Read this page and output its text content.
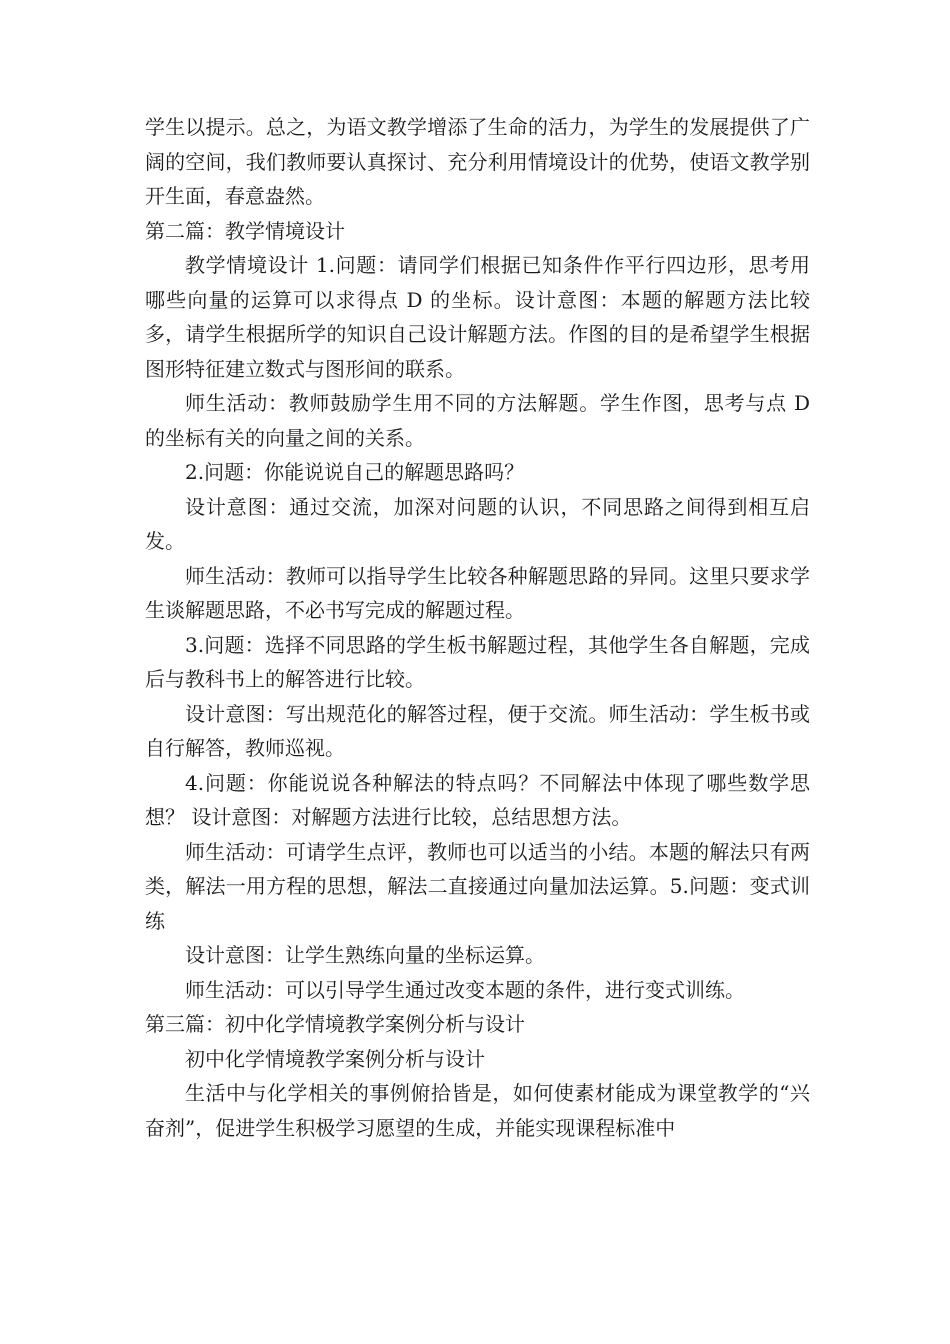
学生以提示。总之，为语文教学增添了生命的活力，为学生的发展提供了广阔的空间，我们教师要认真探讨、充分利用情境设计的优势，使语文教学别开生面，春意盎然。

第二篇：教学情境设计

教学情境设计 1.问题：请同学们根据已知条件作平行四边形，思考用哪些向量的运算可以求得点 D 的坐标。设计意图：本题的解题方法比较多，请学生根据所学的知识自己设计解题方法。作图的目的是希望学生根据图形特征建立数式与图形间的联系。

师生活动：教师鼓励学生用不同的方法解题。学生作图，思考与点 D 的坐标有关的向量之间的关系。

2.问题：你能说说自己的解题思路吗？

设计意图：通过交流，加深对问题的认识，不同思路之间得到相互启发。

师生活动：教师可以指导学生比较各种解题思路的异同。这里只要求学生谈解题思路，不必书写完成的解题过程。

3.问题：选择不同思路的学生板书解题过程，其他学生各自解题，完成后与教科书上的解答进行比较。

设计意图：写出规范化的解答过程，便于交流。师生活动：学生板书或自行解答，教师巡视。

4.问题：你能说说各种解法的特点吗？不同解法中体现了哪些数学思想？ 设计意图：对解题方法进行比较，总结思想方法。

师生活动：可请学生点评，教师也可以适当的小结。本题的解法只有两类，解法一用方程的思想，解法二直接通过向量加法运算。5.问题：变式训练

设计意图：让学生熟练向量的坐标运算。

师生活动：可以引导学生通过改变本题的条件，进行变式训练。

第三篇：初中化学情境教学案例分析与设计

初中化学情境教学案例分析与设计

生活中与化学相关的事例俯拾皆是，如何使素材能成为课堂教学的“兴奋剂”，促进学生积极学习愿望的生成，并能实现课程标准中
